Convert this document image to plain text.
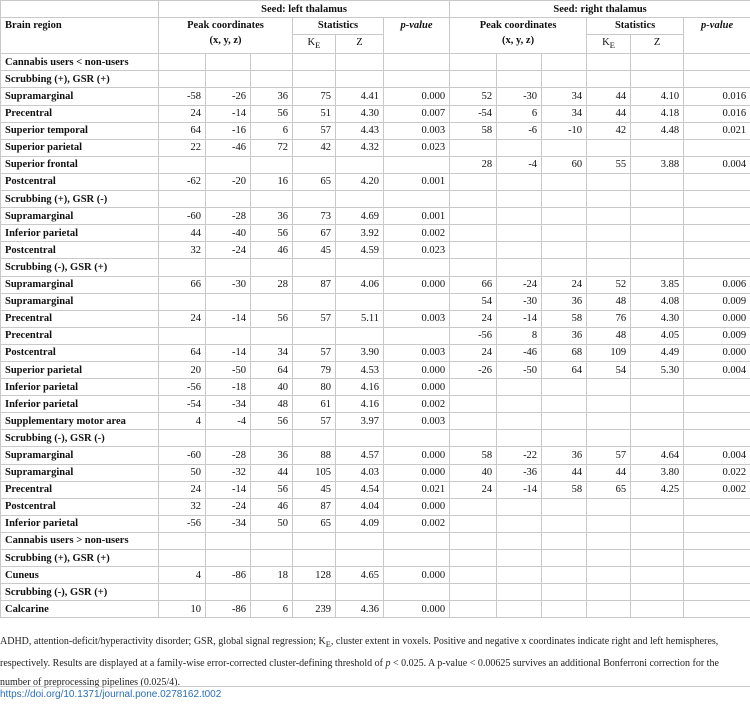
	Seed: left thalamus						Seed: right thalamus					
Brain region	Peak coordinates
(x, y, z)			Statistics		p-value	Peak coordinates
(x, y, z)			Statistics		p-value
				$K_E$	Z					$K_E$	Z	
Cannabis users < non-users												
Scrubbing (+), GSR (+)												
Supramarginal	-58	-26	36	75	4.41	0.000	52	-30	34	44	4.10	0.016
Precentral	24	-14	56	51	4.30	0.007	-54	6	34	44	4.18	0.016
Superior temporal	64	-16	6	57	4.43	0.003	58	-6	-10	42	4.48	0.021
Superior parietal	22	-46	72	42	4.32	0.023						
Superior frontal							28	-4	60	55	3.88	0.004
Postcentral	-62	-20	16	65	4.20	0.001						
Scrubbing (+), GSR (-)												
Supramarginal	-60	-28	36	73	4.69	0.001						
Inferior parietal	44	-40	56	67	3.92	0.002						
Postcentral	32	-24	46	45	4.59	0.023						
Scrubbing (-), GSR (+)												
Supramarginal	66	-30	28	87	4.06	0.000	66	-24	24	52	3.85	0.006
Supramarginal							54	-30	36	48	4.08	0.009
Precentral	24	-14	56	57	5.11	0.003	24	-14	58	76	4.30	0.000
Precentral							-56	8	36	48	4.05	0.009
Postcentral	64	-14	34	57	3.90	0.003	24	-46	68	109	4.49	0.000
Superior parietal	20	-50	64	79	4.53	0.000	-26	-50	64	54	5.30	0.004
Inferior parietal	-56	-18	40	80	4.16	0.000						
Inferior parietal	-54	-34	48	61	4.16	0.002						
Supplementary motor area	4	-4	56	57	3.97	0.003						
Scrubbing (-), GSR (-)												
Supramarginal	-60	-28	36	88	4.57	0.000	58	-22	36	57	4.64	0.004
Supramarginal	50	-32	44	105	4.03	0.000	40	-36	44	44	3.80	0.022
Precentral	24	-14	56	45	4.54	0.021	24	-14	58	65	4.25	0.002
Postcentral	32	-24	46	87	4.04	0.000						
Inferior parietal	-56	-34	50	65	4.09	0.002						
Cannabis users > non-users												
Scrubbing (+), GSR (+)												
Cuneus	4	-86	18	128	4.65	0.000						
Scrubbing (-), GSR (+)												
Calcarine	10	-86	6	239	4.36	0.000						
ADHD, attention-deficit/hyperactivity disorder; GSR, global signal regression; $K_E$, cluster extent in voxels. Positive and negative x coordinates indicate right and left hemispheres, respectively. Results are displayed at a family-wise error-corrected cluster-defining threshold of p < 0.025. A p-value < 0.00625 survives an additional Bonferroni correction for the number of preprocessing pipelines (0.025/4).
https://doi.org/10.1371/journal.pone.0278162.t002
